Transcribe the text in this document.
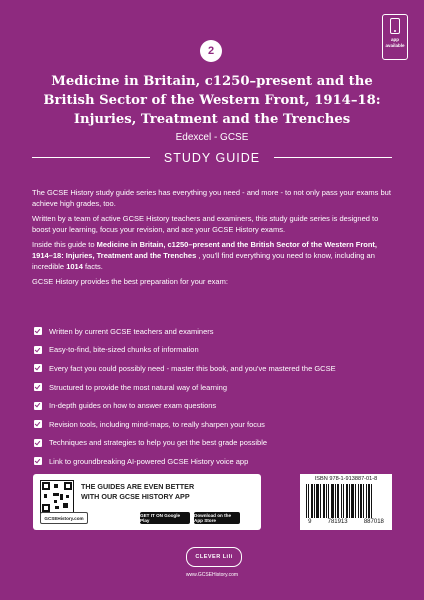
app available
2
Medicine in Britain, c1250–present and the British Sector of the Western Front, 1914–18: Injuries, Treatment and the Trenches
Edexcel - GCSE
STUDY GUIDE

The GCSE History study guide series has everything you need - and more - to not only pass your exams but achieve high grades, too.

Written by a team of active GCSE History teachers and examiners, this study guide series is designed to boost your learning, focus your revision, and ace your GCSE History exams.

Inside this guide to Medicine in Britain, c1250–present and the British Sector of the Western Front, 1914–18: Injuries, Treatment and the Trenches , you'll find everything you need to know, including an incredible 1014 facts.

GCSE History provides the best preparation for your exam:

Written by current GCSE teachers and examiners
Easy-to-find, bite-sized chunks of information
Every fact you could possibly need - master this book, and you've mastered the GCSE
Structured to provide the most natural way of learning
In-depth guides on how to answer exam questions
Revision tools, including mind-maps, to really sharpen your focus
Techniques and strategies to help you get the best grade possible
Link to groundbreaking AI-powered GCSE History voice app
THE GUIDES ARE EVEN BETTER
WITH OUR GCSE HISTORY APP
GCSEHistory.com	GET IT ON Google Play
Download on the App Store
ISBN 978-1-913887-01-8
9	781913	887018
CLEVER Lili
www.GCSEHistory.com
